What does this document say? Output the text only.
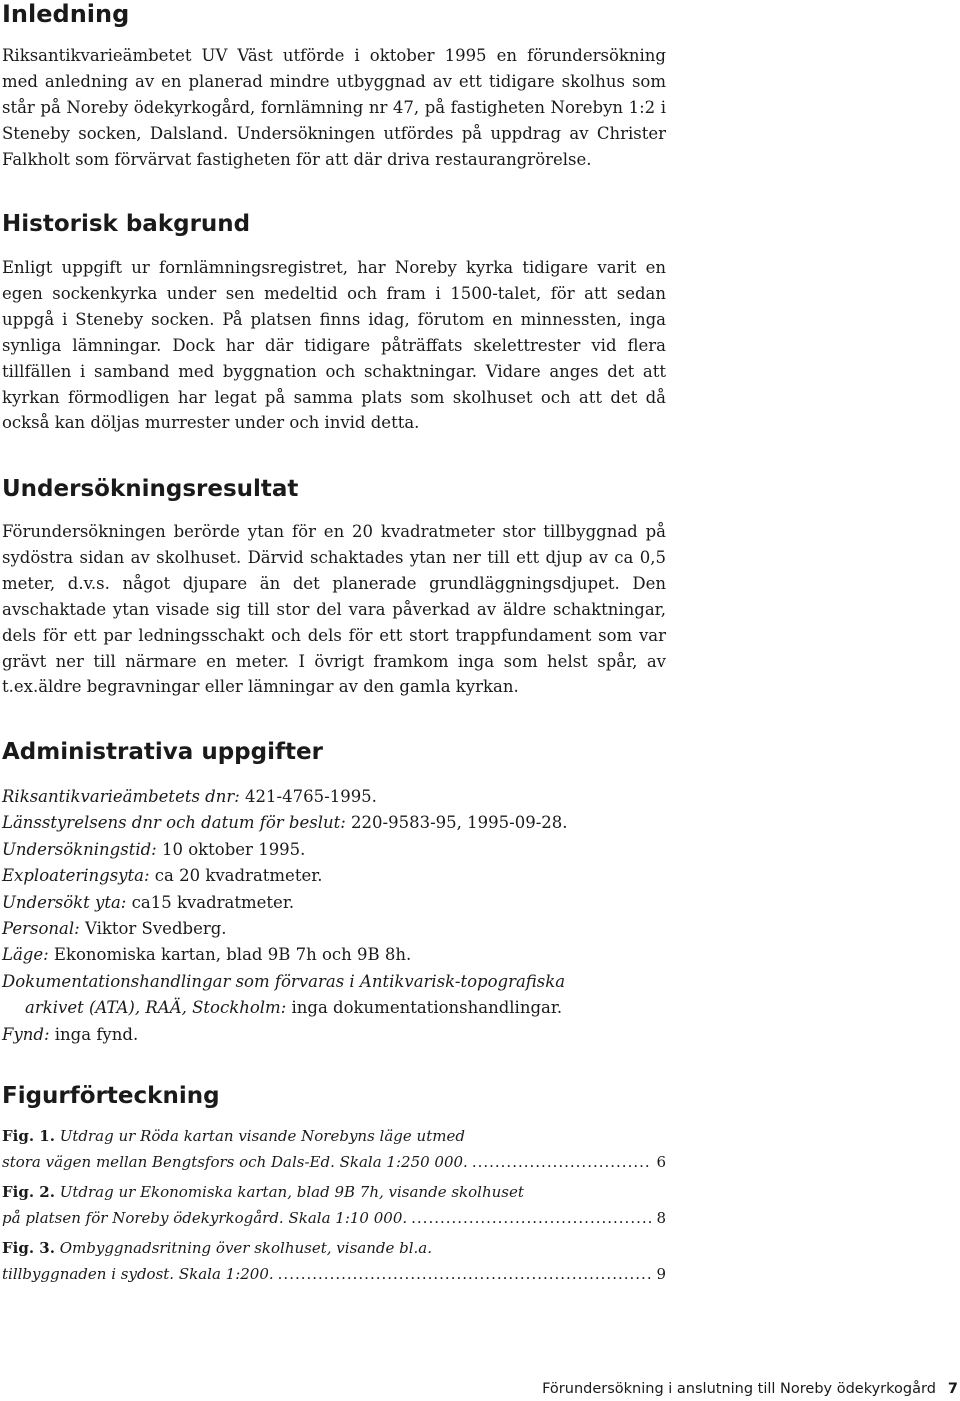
Inledning

Riksantikvarieämbetet UV Väst utförde i oktober 1995 en förundersökning med anledning av en planerad mindre utbyggnad av ett tidigare skolhus som står på Noreby ödekyrkogård, fornlämning nr 47, på fastigheten Norebyn 1:2 i Steneby socken, Dalsland. Undersökningen utfördes på uppdrag av Christer Falkholt som förvärvat fastigheten för att där driva restaurangrörelse.

Historisk bakgrund

Enligt uppgift ur fornlämningsregistret, har Noreby kyrka tidigare varit en egen sockenkyrka under sen medeltid och fram i 1500-talet, för att sedan uppgå i Steneby socken. På platsen finns idag, förutom en minnessten, inga synliga lämningar. Dock har där tidigare påträffats skelettrester vid flera tillfällen i samband med byggnation och schaktningar. Vidare anges det att kyrkan förmodligen har legat på samma plats som skolhuset och att det då också kan döljas murrester under och invid detta.

Undersökningsresultat

Förundersökningen berörde ytan för en 20 kvadratmeter stor tillbyggnad på sydöstra sidan av skolhuset. Därvid schaktades ytan ner till ett djup av ca 0,5 meter, d.v.s. något djupare än det planerade grundläggningsdjupet. Den avschaktade ytan visade sig till stor del vara påverkad av äldre schaktningar, dels för ett par ledningsschakt och dels för ett stort trappfundament som var grävt ner till närmare en meter. I övrigt framkom inga som helst spår, av t.ex.äldre begravningar eller lämningar av den gamla kyrkan.

Administrativa uppgifter
Riksantikvarieämbetets dnr: 421-4765-1995.
Länsstyrelsens dnr och datum för beslut: 220-9583-95, 1995-09-28.
Undersökningstid: 10 oktober 1995.
Exploateringsyta: ca 20 kvadratmeter.
Undersökt yta: ca15 kvadratmeter.
Personal: Viktor Svedberg.
Läge: Ekonomiska kartan, blad 9B 7h och 9B 8h.
Dokumentationshandlingar som förvaras i Antikvarisk-topografiska
arkivet (ATA), RAÄ, Stockholm: inga dokumentationshandlingar.
Fynd: inga fynd.
Figurförteckning
Fig. 1. Utdrag ur Röda kartan visande Norebyns läge utmed
stora vägen mellan Bengtsfors och Dals-Ed. Skala 1:250 000. .....	6
Fig. 2. Utdrag ur Ekonomiska kartan, blad 9B 7h, visande skolhuset
på platsen för Noreby ödekyrkogård. Skala 1:10 000. .....	8
Fig. 3. Ombyggnadsritning över skolhuset, visande bl.a.
tillbyggnaden i sydost. Skala 1:200. .....	9
Förundersökning i anslutning till Noreby ödekyrkogård 7
